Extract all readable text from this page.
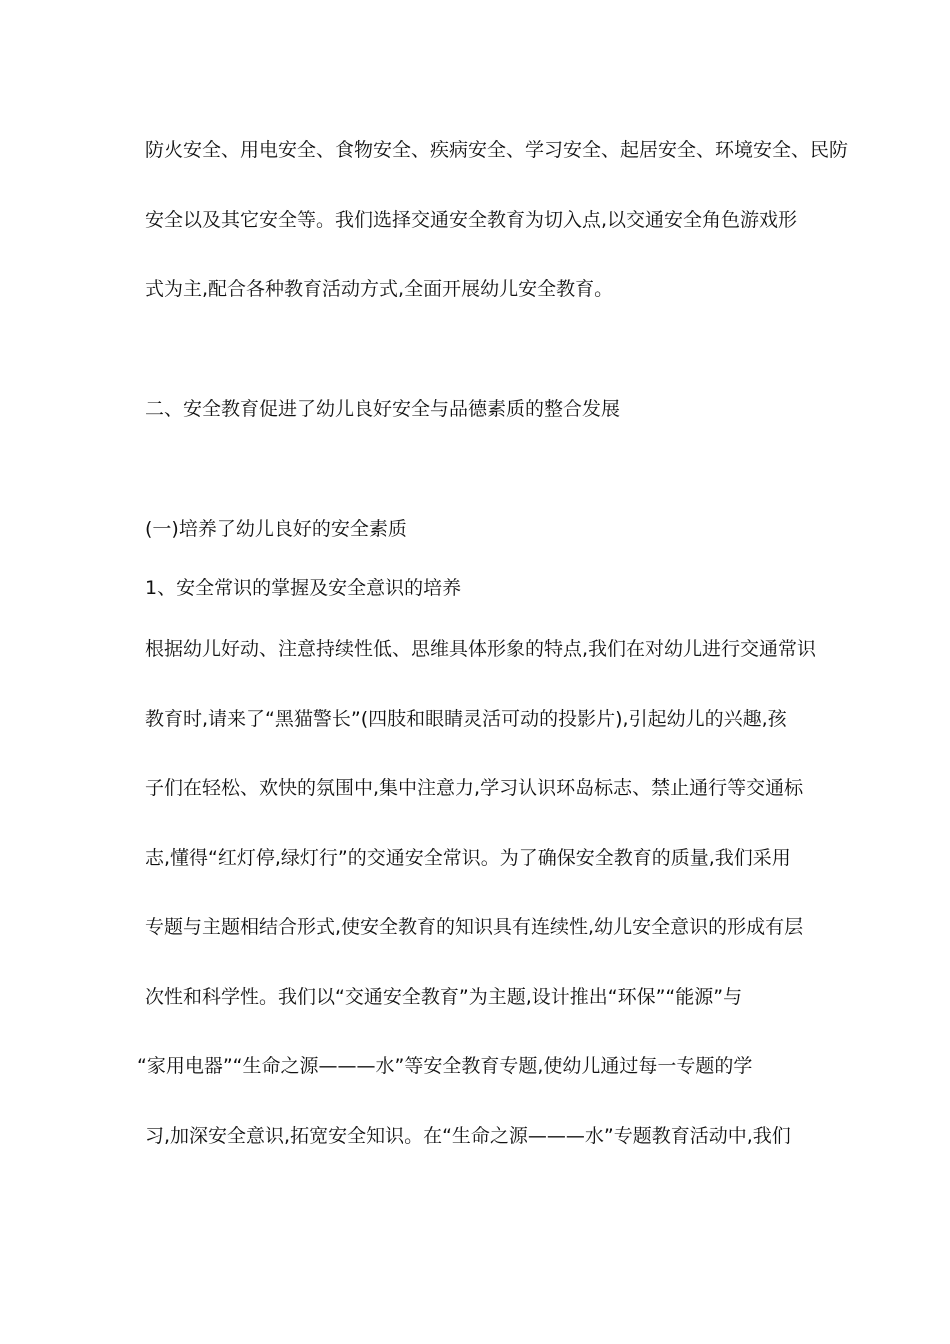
防火安全、用电安全、食物安全、疾病安全、学习安全、起居安全、环境安全、民防
安全以及其它安全等。我们选择交通安全教育为切入点,以交通安全角色游戏形
式为主,配合各种教育活动方式,全面开展幼儿安全教育。
二、安全教育促进了幼儿良好安全与品德素质的整合发展
(一)培养了幼儿良好的安全素质
1、安全常识的掌握及安全意识的培养
根据幼儿好动、注意持续性低、思维具体形象的特点,我们在对幼儿进行交通常识
教育时,请来了“黑猫警长”(四肢和眼睛灵活可动的投影片),引起幼儿的兴趣,孩
子们在轻松、欢快的氛围中,集中注意力,学习认识环岛标志、禁止通行等交通标
志,懂得“红灯停,绿灯行”的交通安全常识。为了确保安全教育的质量,我们采用
专题与主题相结合形式,使安全教育的知识具有连续性,幼儿安全意识的形成有层
次性和科学性。我们以“交通安全教育”为主题,设计推出“环保”“能源”与
“家用电器”“生命之源———水”等安全教育专题,使幼儿通过每一专题的学
习,加深安全意识,拓宽安全知识。在“生命之源———水”专题教育活动中,我们
